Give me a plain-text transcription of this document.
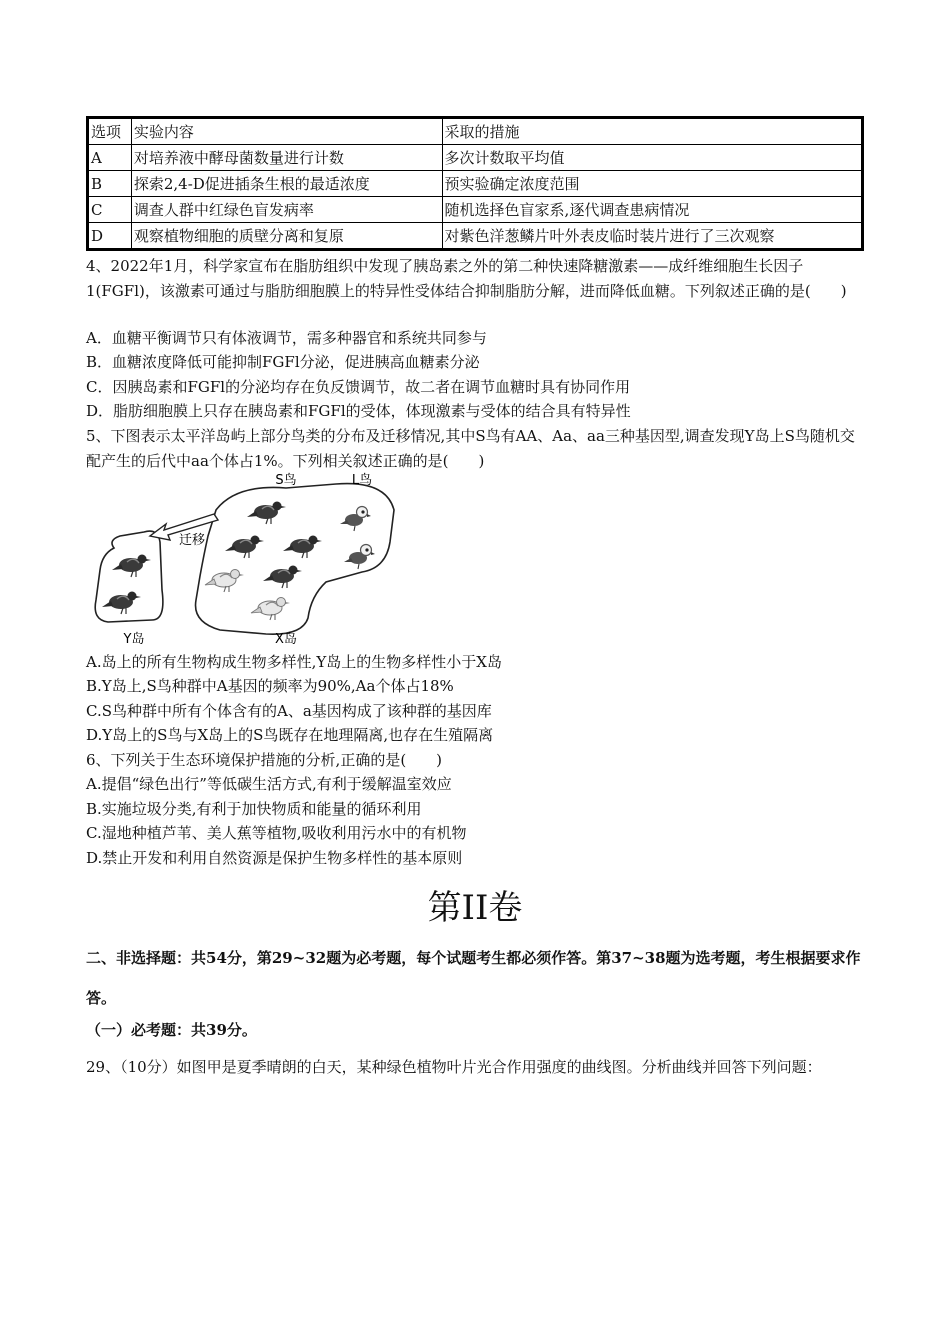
选项	实验内容	采取的措施
A	对培养液中酵母菌数量进行计数	多次计数取平均值
B	探索2,4-D促进插条生根的最适浓度	预实验确定浓度范围
C	调查人群中红绿色盲发病率	随机选择色盲家系,逐代调查患病情况
D	观察植物细胞的质壁分离和复原	对紫色洋葱鳞片叶外表皮临时装片进行了三次观察
4、2022年1月，科学家宣布在脂肪组织中发现了胰岛素之外的第二种快速降糖激素——成纤维细胞生长因子1(FGFl)，该激素可通过与脂肪细胞膜上的特异性受体结合抑制脂肪分解，进而降低血糖。下列叙述正确的是(　　)
A．血糖平衡调节只有体液调节，需多种器官和系统共同参与
B．血糖浓度降低可能抑制FGFl分泌，促进胰高血糖素分泌
C．因胰岛素和FGFl的分泌均存在负反馈调节，故二者在调节血糖时具有协同作用
D．脂肪细胞膜上只存在胰岛素和FGFl的受体，体现激素与受体的结合具有特异性
5、下图表示太平洋岛屿上部分鸟类的分布及迁移情况,其中S鸟有AA、Aa、aa三种基因型,调查发现Y岛上S鸟随机交配产生的后代中aa个体占1%。下列相关叙述正确的是(　　)
Y岛
S鸟	L鸟
X岛
迁移
A.岛上的所有生物构成生物多样性,Y岛上的生物多样性小于X岛
B.Y岛上,S鸟种群中A基因的频率为90%,Aa个体占18%
C.S鸟种群中所有个体含有的A、a基因构成了该种群的基因库
D.Y岛上的S鸟与X岛上的S鸟既存在地理隔离,也存在生殖隔离
6、下列关于生态环境保护措施的分析,正确的是(　　)
A.提倡“绿色出行”等低碳生活方式,有利于缓解温室效应
B.实施垃圾分类,有利于加快物质和能量的循环利用
C.湿地种植芦苇、美人蕉等植物,吸收利用污水中的有机物
D.禁止开发和利用自然资源是保护生物多样性的基本原则
第II卷
二、非选择题：共54分，第29~32题为必考题，每个试题考生都必须作答。第37~38题为选考题，考生根据要求作答。
（一）必考题：共39分。
29、（10分）如图甲是夏季晴朗的白天，某种绿色植物叶片光合作用强度的曲线图。分析曲线并回答下列问题：
